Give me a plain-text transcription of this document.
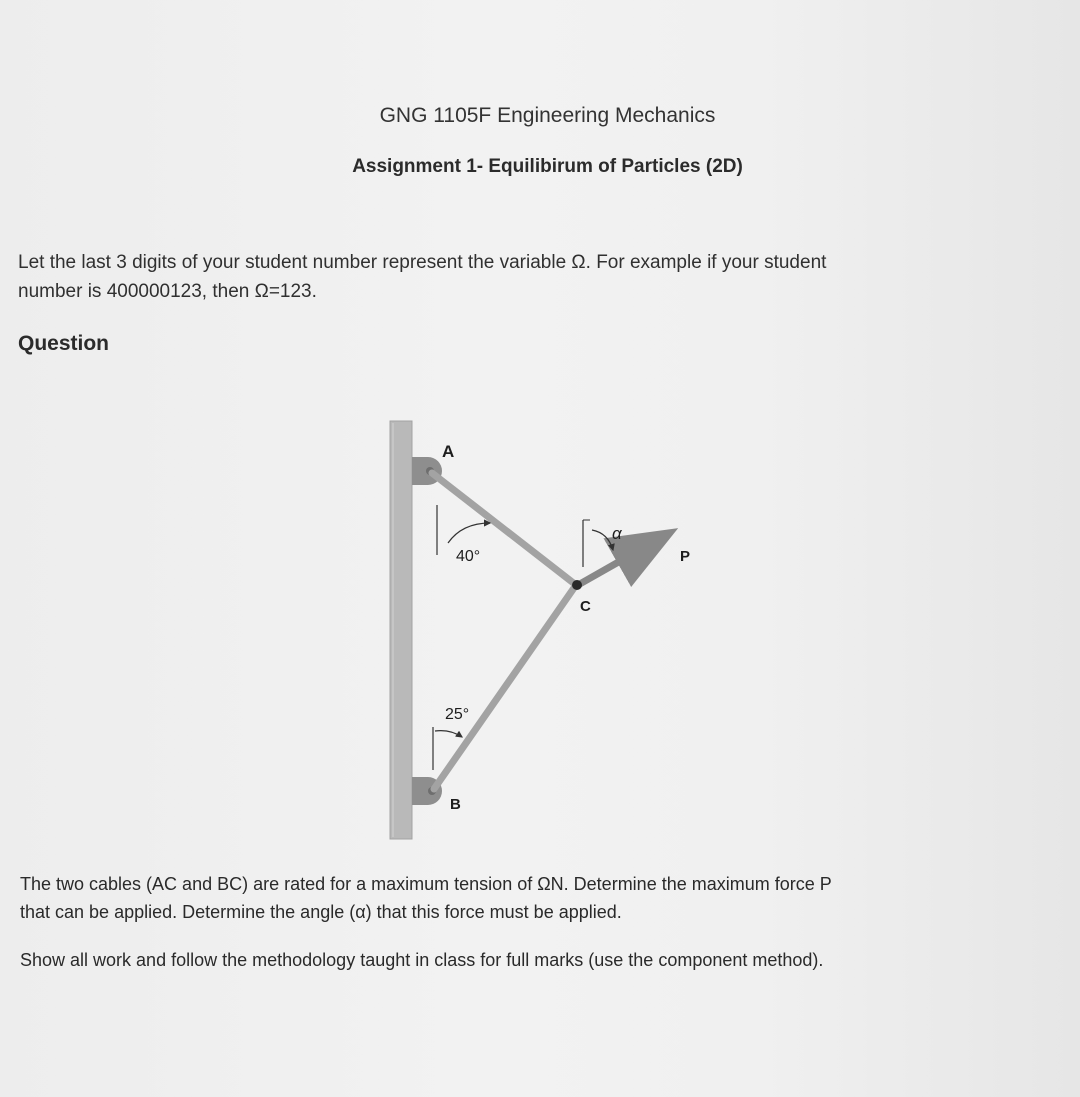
GNG 1105F Engineering Mechanics
Assignment 1- Equilibirum of Particles (2D)
Let the last 3 digits of your student number represent the variable Ω. For example if your student
number is 400000123, then Ω=123.
Question
A
B
C
P
α
40°
25°

The two cables (AC and BC) are rated for a maximum tension of ΩN. Determine the maximum force P

that can be applied. Determine the angle (α) that this force must be applied.

Show all work and follow the methodology taught in class for full marks (use the component method).
